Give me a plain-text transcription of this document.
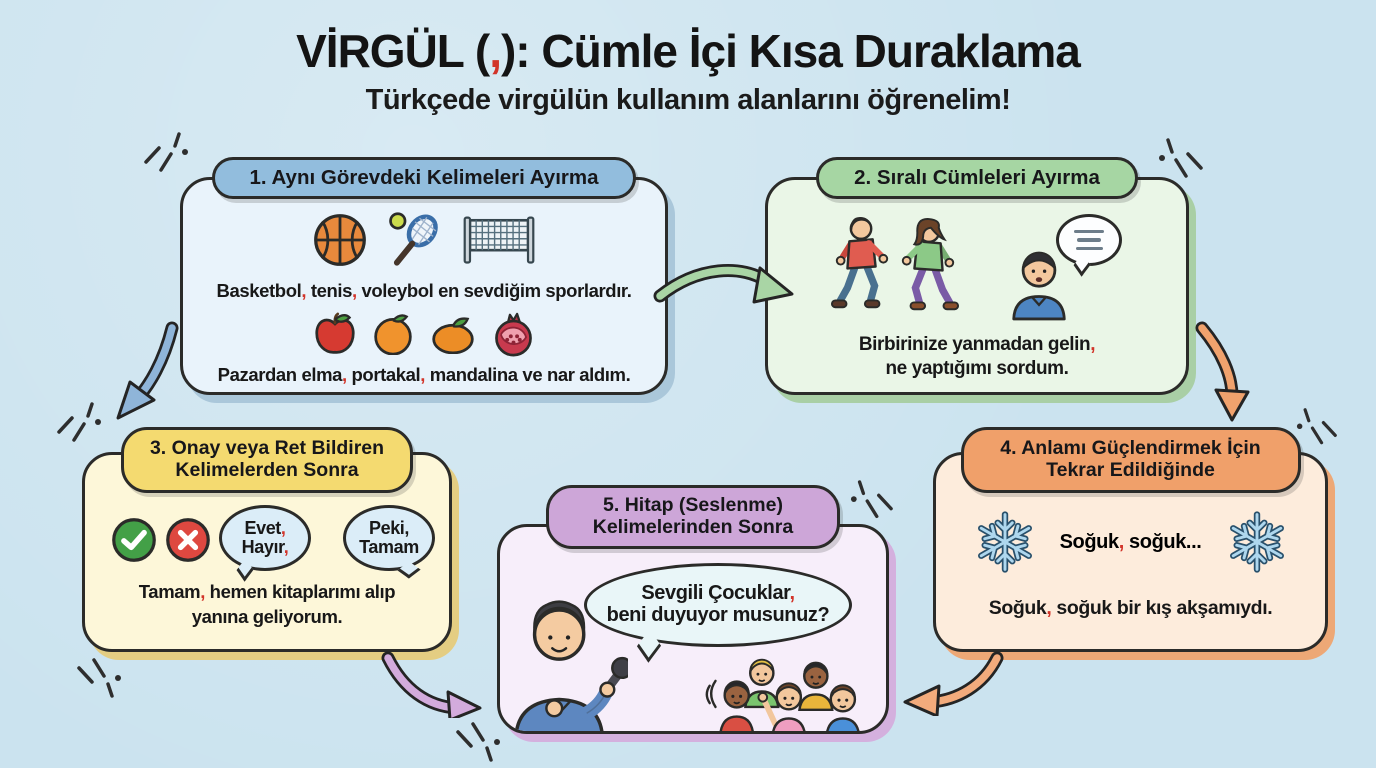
VİRGÜL (,): Cümle İçi Kısa Duraklama
Türkçede virgülün kullanım alanlarını öğrenelim!
Basketbol, tenis, voleybol en sevdiğim sporlardır.
Pazardan elma, portakal, mandalina ve nar aldım.
1. Aynı Görevdeki Kelimeleri Ayırma
Birbirinize yanmadan gelin,
ne yaptığımı sordum.
2. Sıralı Cümleleri Ayırma
Evet,
Hayır,
Peki,
Tamam
Tamam, hemen kitaplarımı alıp
yanına geliyorum.
3. Onay veya Ret Bildiren Kelimelerden Sonra
Soğuk, soğuk...
Soğuk, soğuk bir kış akşamıydı.
4. Anlamı Güçlendirmek İçin Tekrar Edildiğinde
Sevgili Çocuklar,
beni duyuyor musunuz?
5. Hitap (Seslenme) Kelimelerinden Sonra
